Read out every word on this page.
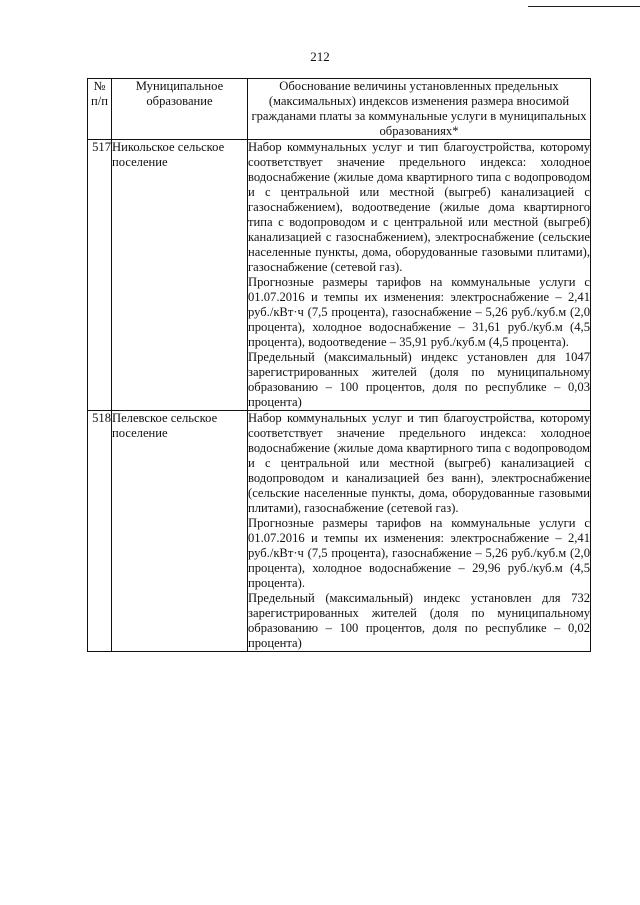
212
№ п/п	Муниципальное образование	Обоснование величины установленных предельных (максимальных) индексов изменения размера вносимой гражданами платы за коммунальные услуги в муниципальных образованиях*
517	Никольское сельское поселение	Набор коммунальных услуг и тип благоустройства, которому соответствует значение предельного индекса: холодное водоснабжение (жилые дома квартирного типа с водопроводом и с центральной или местной (выгреб) канализацией с газоснабжением), водоотведение (жилые дома квартирного типа с водопроводом и с центральной или местной (выгреб) канализацией с газоснабжением), электроснабжение (сельские населенные пункты, дома, оборудованные газовыми плитами), газоснабжение (сетевой газ).

Прогнозные размеры тарифов на коммунальные услуги с 01.07.2016 и темпы их изменения: электроснабжение – 2,41 руб./кВт·ч (7,5 процента), газоснабжение – 5,26 руб./куб.м (2,0 процента), холодное водоснабжение – 31,61 руб./куб.м (4,5 процента), водоотведение – 35,91 руб./куб.м (4,5 процента).

Предельный (максимальный) индекс установлен для 1047 зарегистрированных жителей (доля по муниципальному образованию – 100 процентов, доля по республике – 0,03 процента)

518	Пелевское сельское поселение	Набор коммунальных услуг и тип благоустройства, которому соответствует значение предельного индекса: холодное водоснабжение (жилые дома квартирного типа с водопроводом и с центральной или местной (выгреб) канализацией с водопроводом и канализацией без ванн), электроснабжение (сельские населенные пункты, дома, оборудованные газовыми плитами), газоснабжение (сетевой газ).

Прогнозные размеры тарифов на коммунальные услуги с 01.07.2016 и темпы их изменения: электроснабжение – 2,41 руб./кВт·ч (7,5 процента), газоснабжение – 5,26 руб./куб.м (2,0 процента), холодное водоснабжение – 29,96 руб./куб.м (4,5 процента).

Предельный (максимальный) индекс установлен для 732 зарегистрированных жителей (доля по муниципальному образованию – 100 процентов, доля по республике – 0,02 процента)
